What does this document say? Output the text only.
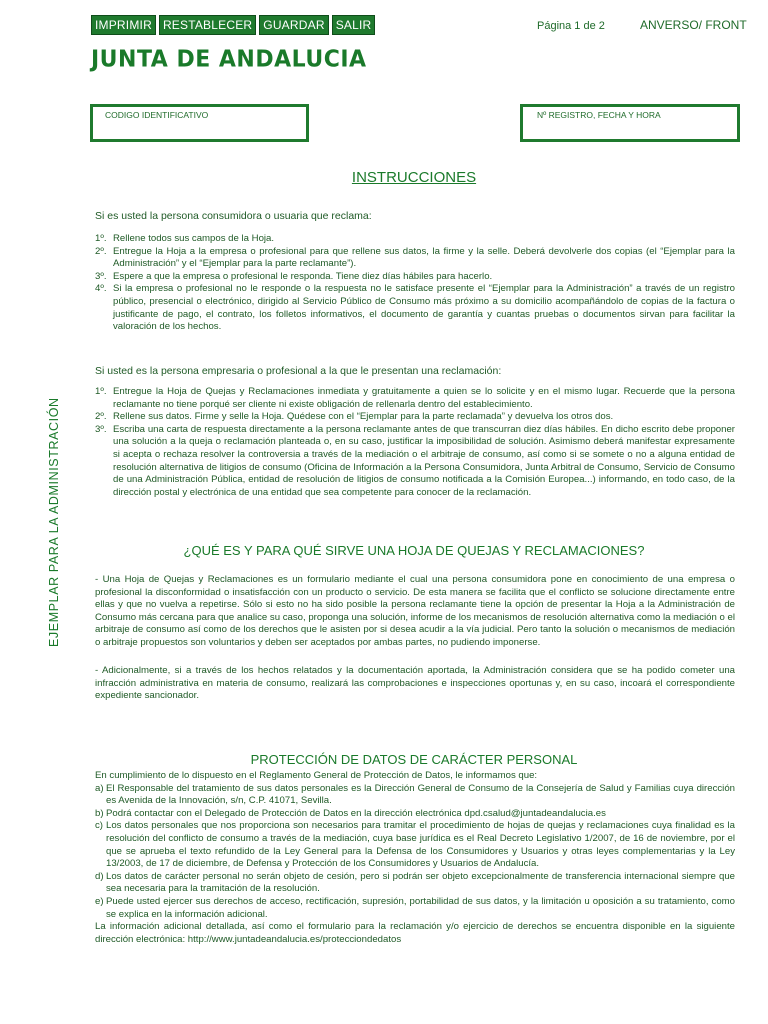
IMPRIMIR RESTABLECER GUARDAR SALIR	Página 1 de 2	ANVERSO/ FRONT
JUNTA DE ANDALUCIA
CODIGO IDENTIFICATIVO	Nº REGISTRO, FECHA Y HORA
EJEMPLAR PARA LA ADMINISTRACIÓN
INSTRUCCIONES
Si es usted la persona consumidora o usuaria que reclama:
1º. Rellene todos sus campos de la Hoja.
2º. Entregue la Hoja a la empresa o profesional para que rellene sus datos, la firme y la selle. Deberá devolverle dos copias (el “Ejemplar para la Administración” y el “Ejemplar para la parte reclamante”).
3º. Espere a que la empresa o profesional le responda. Tiene diez días hábiles para hacerlo.
4º. Si la empresa o profesional no le responde o la respuesta no le satisface presente el “Ejemplar para la Administración” a través de un registro público, presencial o electrónico, dirigido al Servicio Público de Consumo más próximo a su domicilio acompañándolo de copias de la factura o justificante de pago, el contrato, los folletos informativos, el documento de garantía y cuantas pruebas o documentos sirvan para facilitar la valoración de los hechos.
Si usted es la persona empresaria o profesional a la que le presentan una reclamación:
1º. Entregue la Hoja de Quejas y Reclamaciones inmediata y gratuitamente a quien se lo solicite y en el mismo lugar. Recuerde que la persona reclamante no tiene porqué ser cliente ni existe obligación de rellenarla dentro del establecimiento.
2º. Rellene sus datos. Firme y selle la Hoja. Quédese con el “Ejemplar para la parte reclamada” y devuelva los otros dos.
3º. Escriba una carta de respuesta directamente a la persona reclamante antes de que transcurran diez días hábiles. En dicho escrito debe proponer una solución a la queja o reclamación planteada o, en su caso, justificar la imposibilidad de solución. Asimismo deberá manifestar expresamente si acepta o rechaza resolver la controversia a través de la mediación o el arbitraje de consumo, así como si se somete o no a alguna entidad de resolución alternativa de litigios de consumo (Oficina de Información a la Persona Consumidora, Junta Arbitral de Consumo, Servicio de Consumo de una Administración Pública, entidad de resolución de litigios de consumo notificada a la Comisión Europea...) informando, en todo caso, de la dirección postal y electrónica de una entidad que sea competente para conocer de la reclamación.
¿QUÉ ES Y PARA QUÉ SIRVE UNA HOJA DE QUEJAS Y RECLAMACIONES?
- Una Hoja de Quejas y Reclamaciones es un formulario mediante el cual una persona consumidora pone en conocimiento de una empresa o profesional la disconformidad o insatisfacción con un producto o servicio. De esta manera se facilita que el conflicto se solucione directamente entre ellas y que no vuelva a repetirse. Sólo si esto no ha sido posible la persona reclamante tiene la opción de presentar la Hoja a la Administración de Consumo más cercana para que analice su caso, proponga una solución, informe de los mecanismos de resolución alternativa como la mediación o el arbitraje de consumo así como de los derechos que le asisten por si desea acudir a la vía judicial. Pero tanto la solución o mecanismos de mediación o arbitraje propuestos son voluntarios y deben ser aceptados por ambas partes, no pudiendo imponerse.
- Adicionalmente, si a través de los hechos relatados y la documentación aportada, la Administración considera que se ha podido cometer una infracción administrativa en materia de consumo, realizará las comprobaciones e inspecciones oportunas y, en su caso, incoará el correspondiente expediente sancionador.
PROTECCIÓN DE DATOS DE CARÁCTER PERSONAL
En cumplimiento de lo dispuesto en el Reglamento General de Protección de Datos, le informamos que:
a) El Responsable del tratamiento de sus datos personales es la Dirección General de Consumo de la Consejería de Salud y Familias cuya dirección es Avenida de la Innovación, s/n, C.P. 41071, Sevilla.
b) Podrá contactar con el Delegado de Protección de Datos en la dirección electrónica dpd.csalud@juntadeandalucia.es
c) Los datos personales que nos proporciona son necesarios para tramitar el procedimiento de hojas de quejas y reclamaciones cuya finalidad es la resolución del conflicto de consumo a través de la mediación, cuya base jurídica es el Real Decreto Legislativo 1/2007, de 16 de noviembre, por el que se aprueba el texto refundido de la Ley General para la Defensa de los Consumidores y Usuarios y otras leyes complementarias y la Ley 13/2003, de 17 de diciembre, de Defensa y Protección de los Consumidores y Usuarios de Andalucía.
d) Los datos de carácter personal no serán objeto de cesión, pero si podrán ser objeto excepcionalmente de transferencia internacional siempre que sea necesaria para la tramitación de la resolución.
e) Puede usted ejercer sus derechos de acceso, rectificación, supresión, portabilidad de sus datos, y la limitación u oposición a su tratamiento, como se explica en la información adicional.
La información adicional detallada, así como el formulario para la reclamación y/o ejercicio de derechos se encuentra disponible en la siguiente dirección electrónica: http://www.juntadeandalucia.es/protecciondedatos
